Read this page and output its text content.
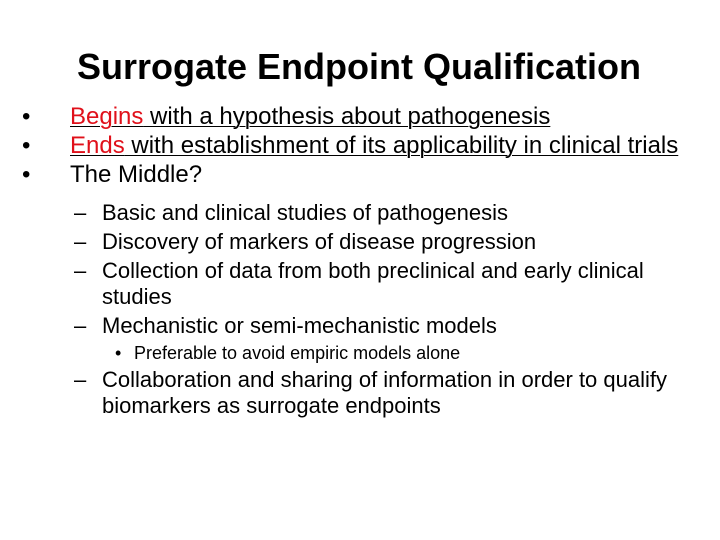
Surrogate Endpoint Qualification
•	Begins with a hypothesis about pathogenesis
•	Ends with establishment of its applicability in clinical trials
•	The Middle?
– Basic and clinical studies of pathogenesis
– Discovery of markers of disease progression
– Collection of data from both preclinical and early clinical studies
– Mechanistic or semi-mechanistic models
• Preferable to avoid empiric models alone
– Collaboration and sharing of information in order to qualify biomarkers as surrogate endpoints
